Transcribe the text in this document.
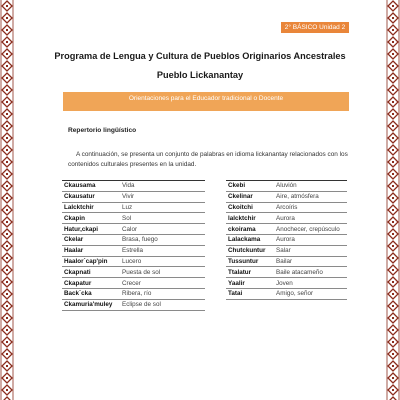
2° BÁSICO Unidad 2
Programa de Lengua y Cultura de Pueblos Originarios Ancestrales
Pueblo Lickanantay
Orientaciones para el Educador tradicional o Docente
Repertorio lingüístico
A continuación, se presenta un conjunto de palabras en idioma lickanantay relacionados con los contenidos culturales presentes en la unidad.
Ckausama	Vida
Ckausatur	Vivir
Lalcktchir	Luz
Ckapin	Sol
Hatur,ckapi	Calor
Ckelar	Brasa, fuego
Haalar	Estrella
Haalor´cap'pin	Lucero
Ckapnati	Puesta de sol
Ckapatur	Crecer
Back´cka	Ribera, río
Ckamuria'muley	Eclipse de sol
Ckebi	Aluvión
Ckelinar	Aire, atmósfera
Ckoitchi	Arcoíris
lalcktchir	Aurora
ckoirama	Anochecer, crepúsculo
Lalackama	Aurora
Chutckuntur	Salar
Tussuntur	Bailar
Ttalatur	Baile atacameño
Yaalir	Joven
Tatai	Amigo, señor
